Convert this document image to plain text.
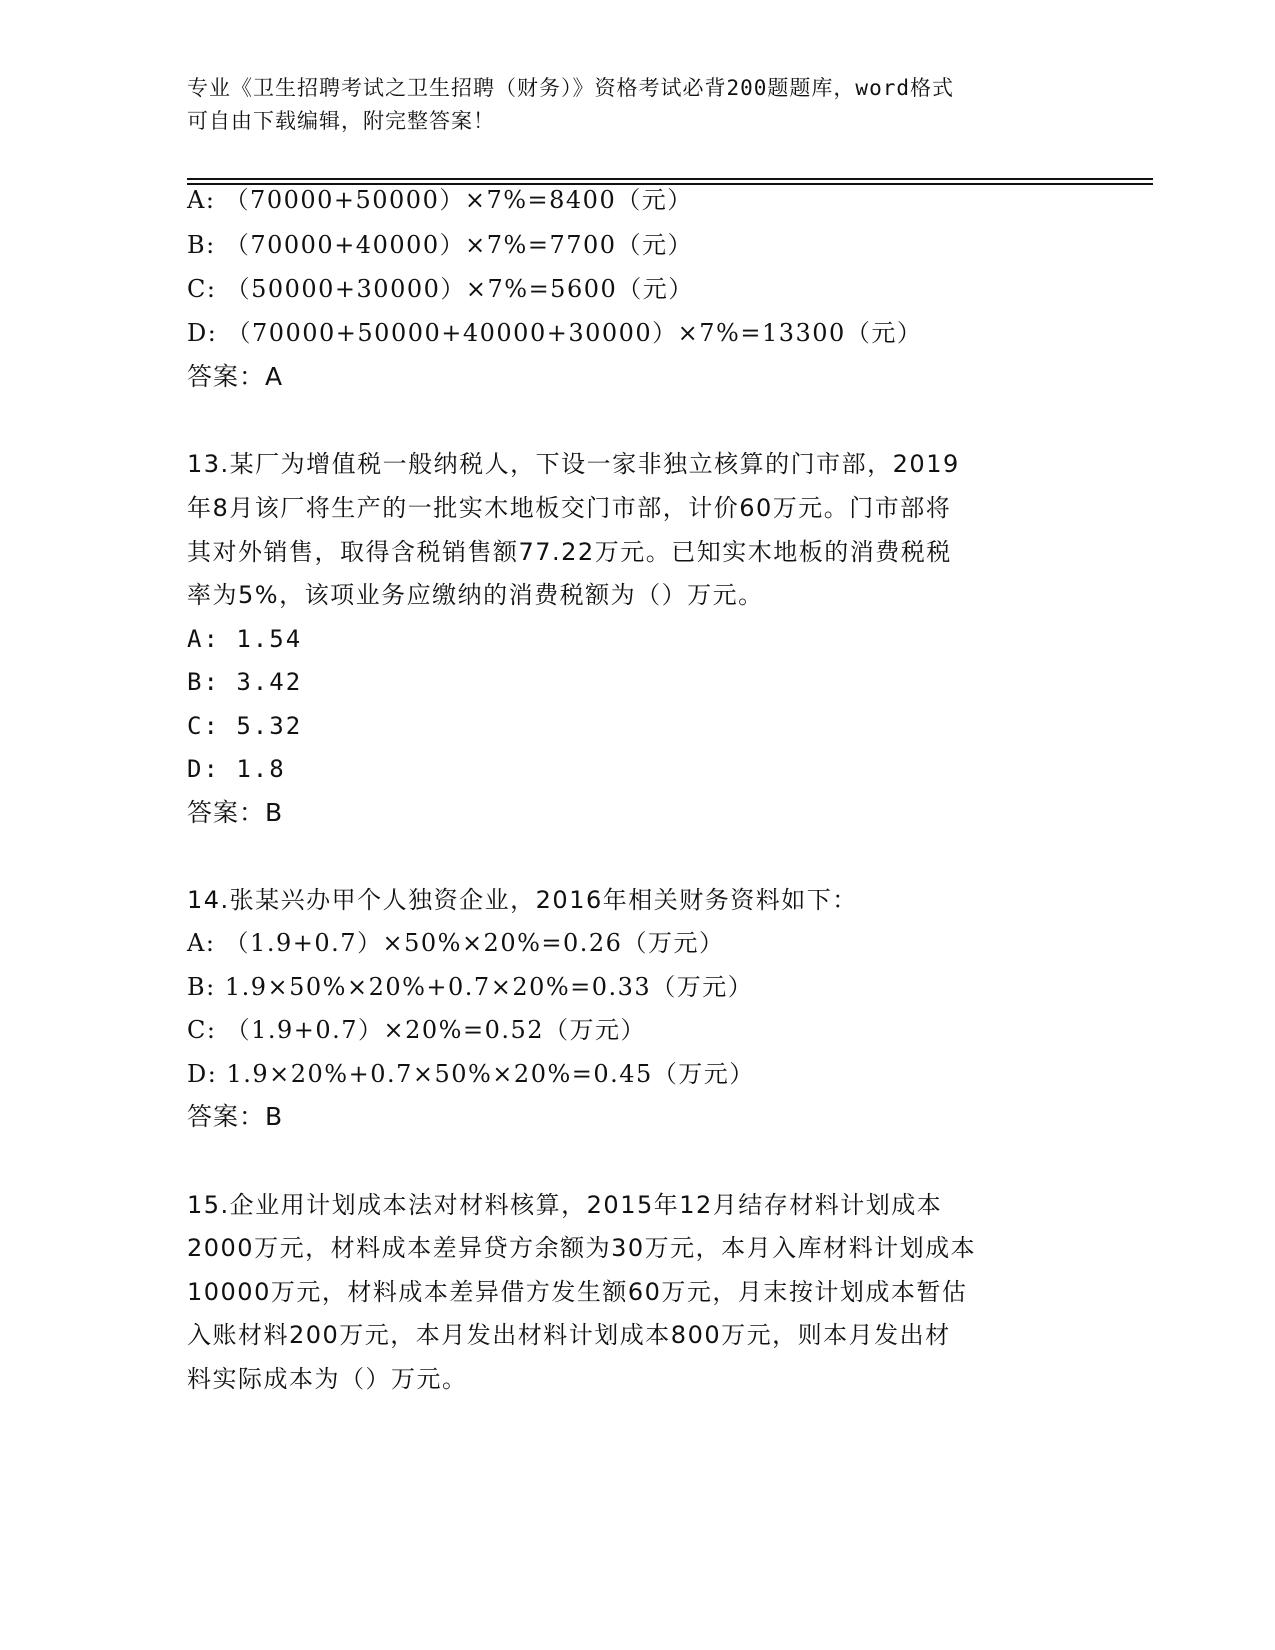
专业《卫生招聘考试之卫生招聘（财务）》资格考试必背200题题库，word格式
可自由下载编辑，附完整答案！
A: （70000+50000）×7%=8400（元）
B: （70000+40000）×7%=7700（元）
C: （50000+30000）×7%=5600（元）
D: （70000+50000+40000+30000）×7%=13300（元）
答案：A
13.某厂为增值税一般纳税人，下设一家非独立核算的门市部，2019
年8月该厂将生产的一批实木地板交门市部，计价60万元。门市部将
其对外销售，取得含税销售额77.22万元。已知实木地板的消费税税
率为5%，该项业务应缴纳的消费税额为（）万元。
A: 1.54
B: 3.42
C: 5.32
D: 1.8
答案：B
14.张某兴办甲个人独资企业，2016年相关财务资料如下：
A: （1.9+0.7）×50%×20%=0.26（万元）
B: 1.9×50%×20%+0.7×20%=0.33（万元）
C: （1.9+0.7）×20%=0.52（万元）
D: 1.9×20%+0.7×50%×20%=0.45（万元）
答案：B
15.企业用计划成本法对材料核算，2015年12月结存材料计划成本
2000万元，材料成本差异贷方余额为30万元，本月入库材料计划成本
10000万元，材料成本差异借方发生额60万元，月末按计划成本暂估
入账材料200万元，本月发出材料计划成本800万元，则本月发出材
料实际成本为（）万元。
